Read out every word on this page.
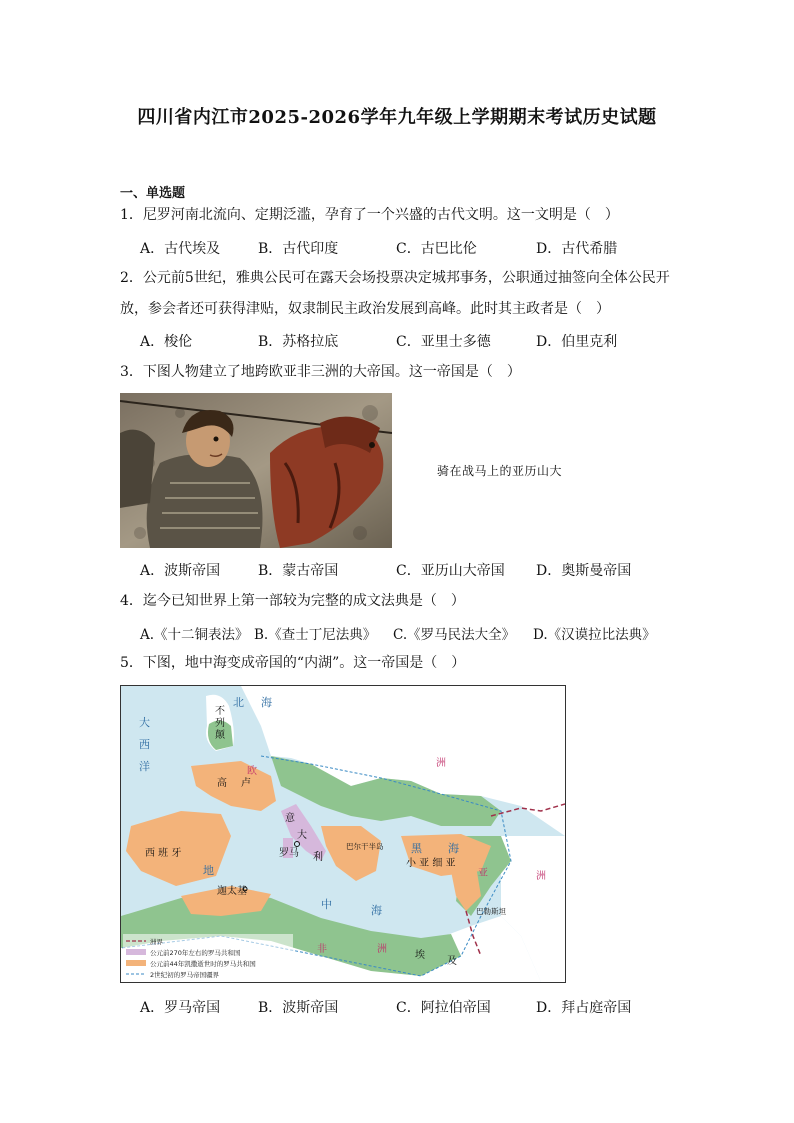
四川省内江市2025-2026学年九年级上学期期末考试历史试题
一、单选题
1．尼罗河南北流向、定期泛滥，孕育了一个兴盛的古代文明。这一文明是（　）
A．古代埃及	B．古代印度	C．古巴比伦	D．古代希腊
2．公元前5世纪，雅典公民可在露天会场投票决定城邦事务，公职通过抽签向全体公民开
放，参会者还可获得津贴，奴隶制民主政治发展到高峰。此时其主政者是（　）
A．梭伦	B．苏格拉底	C．亚里士多德	D．伯里克利
3．下图人物建立了地跨欧亚非三洲的大帝国。这一帝国是（　）
骑在战马上的亚历山大
A．波斯帝国	B．蒙古帝国	C．亚历山大帝国 D．奥斯曼帝国
4．迄今已知世界上第一部较为完整的成文法典是（　）
A.《十二铜表法》 B.《查士丁尼法典》 C.《罗马民法大全》 D.《汉谟拉比法典》
5．下图，地中海变成帝国的“内湖”。这一帝国是（　）
大
西
洋
北 海
黑 海
地
中	海
不
列
颠
高 卢
西 班 牙
意
大
利
罗马
小 亚 细 亚
迦太基
埃
及
巴尔干半岛
巴勒斯坦
欧
洲
亚	洲
非	洲
洲界
公元前270年左右的罗马共和国
公元前44年凯撒逝世时的罗马共和国
2世纪初的罗马帝国疆界
A．罗马帝国	B．波斯帝国	C．阿拉伯帝国	D．拜占庭帝国
